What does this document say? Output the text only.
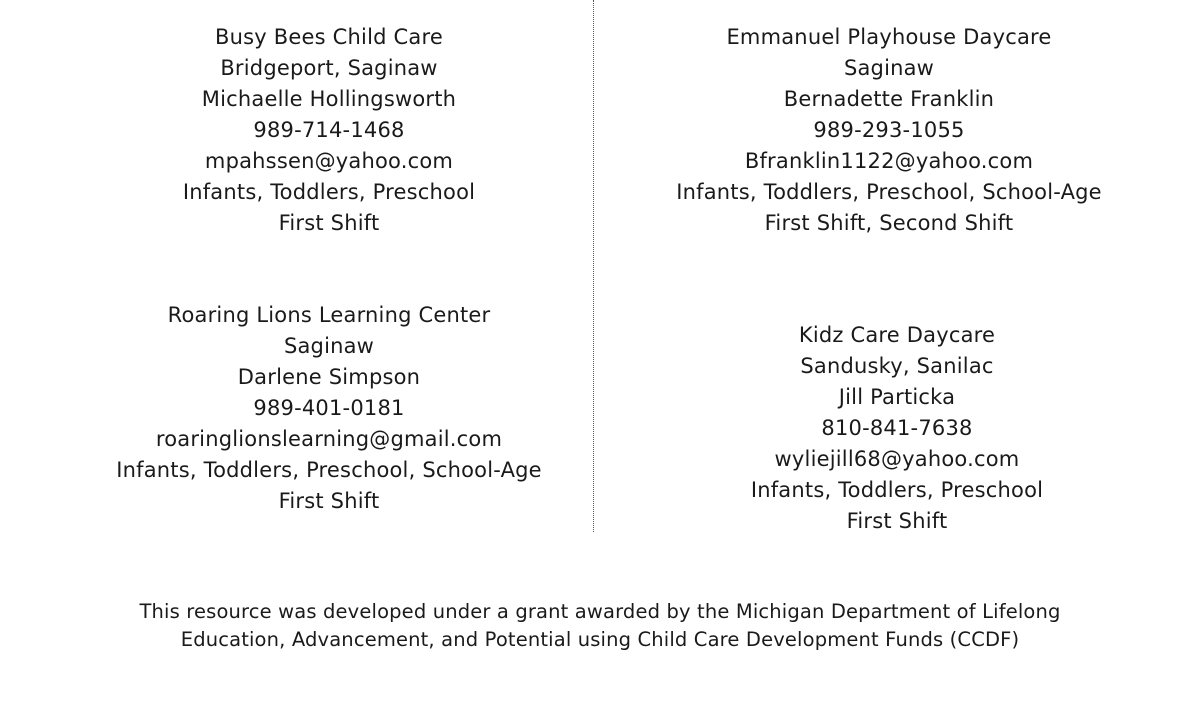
Busy Bees Child Care
Bridgeport, Saginaw
Michaelle Hollingsworth
989-714-1468
mpahssen@yahoo.com
Infants, Toddlers, Preschool
First Shift
Emmanuel Playhouse Daycare
Saginaw
Bernadette Franklin
989-293-1055
Bfranklin1122@yahoo.com
Infants, Toddlers, Preschool, School-Age
First Shift, Second Shift
Roaring Lions Learning Center
Saginaw
Darlene Simpson
989-401-0181
roaringlionslearning@gmail.com
Infants, Toddlers, Preschool, School-Age
First Shift
Kidz Care Daycare
Sandusky, Sanilac
Jill Particka
810-841-7638
wyliejill68@yahoo.com
Infants, Toddlers, Preschool
First Shift
This resource was developed under a grant awarded by the Michigan Department of Lifelong
Education, Advancement, and Potential using Child Care Development Funds (CCDF)
